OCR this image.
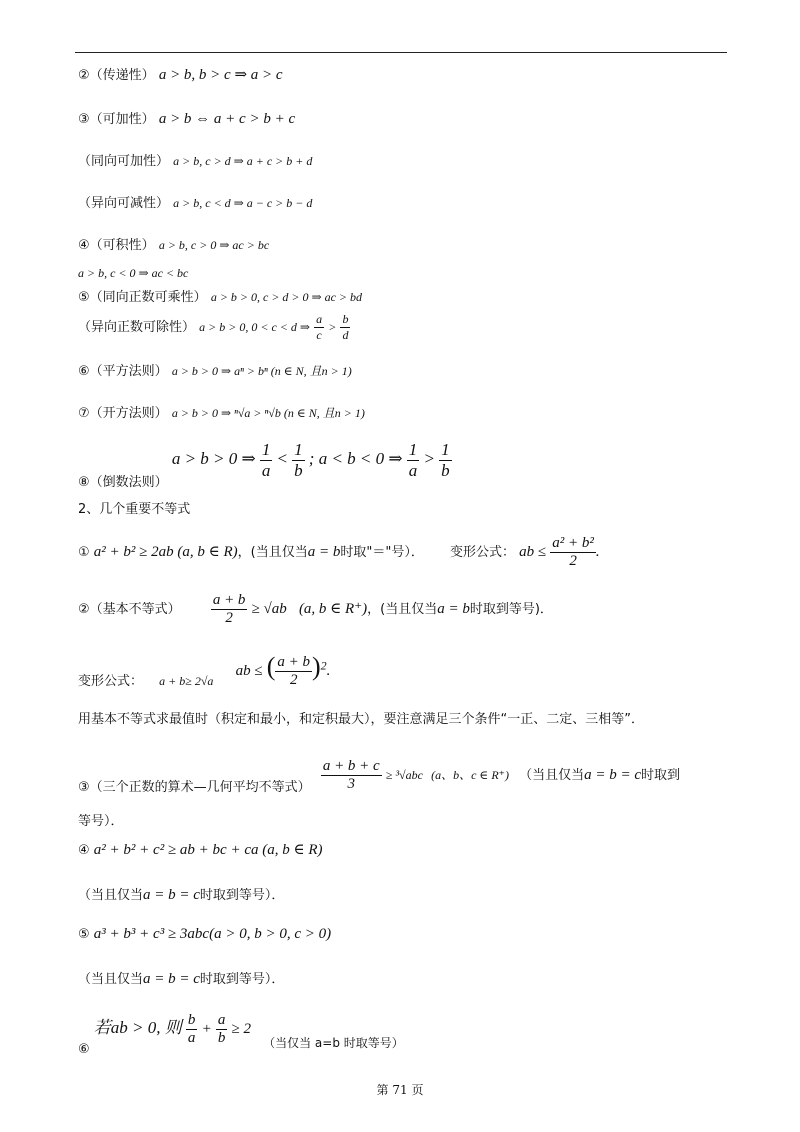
②（传递性） a > b, b > c ⇒ a > c
③（可加性） a > b ⇔ a + c > b + c
（同向可加性） a > b, c > d ⇒ a + c > b + d
（异向可减性） a > b, c < d ⇒ a − c > b − d
④（可积性） a > b, c > 0 ⇒ ac > bc
a > b, c < 0 ⇒ ac < bc
⑤（同向正数可乘性） a > b > 0, c > d > 0 ⇒ ac > bd
（异向正数可除性） a > b > 0, 0 < c < d ⇒ $\frac{a}{c} > \frac{b}{d}$
⑥（平方法则） a > b > 0 ⇒ aⁿ > bⁿ (n ∈ N, 且n > 1)
⑦（开方法则） a > b > 0 ⇒ ⁿ√a > ⁿ√b (n ∈ N, 且n > 1)
⑧（倒数法则） a > b > 0 ⇒ $\frac{1}{a} < \frac{1}{b}$ ; a < b < 0 ⇒ $\frac{1}{a} > \frac{1}{b}$
2、几个重要不等式
① a² + b² ≥ 2ab (a, b ∈ R)，(当且仅当a = b时取"＝"号）． 变形公式： ab ≤ $\frac{\text{a² + b²}}{2}$ .
②（基本不等式） $\frac{a + b}{2} \ge √ab$ (a, b ∈ R⁺)，(当且仅当a = b时取到等号)．
变形公式： a + b≥ 2√a ab ≤ ( $\frac{a + b}{2} )^2$.
用基本不等式求最值时（积定和最小，和定积最大），要注意满足三个条件“一正、二定、三相等”．
③（三个正数的算术—几何平均不等式） $\frac{a + b + c}{3} \ge ^3√abc$ (a、b、c ∈ R⁺) （当且仅当a = b = c时取到
等号）．
④ a² + b² + c² ≥ ab + bc + ca (a, b ∈ R)
（当且仅当a = b = c时取到等号）．
⑤ a³ + b³ + c³ ≥ 3abc(a > 0, b > 0, c > 0)
（当且仅当a = b = c时取到等号）．
⑥ 若ab > 0, 则 $\frac{b}{a} + \frac{a}{b} \ge 2$ （当仅当 a=b 时取等号）
第 71 页
